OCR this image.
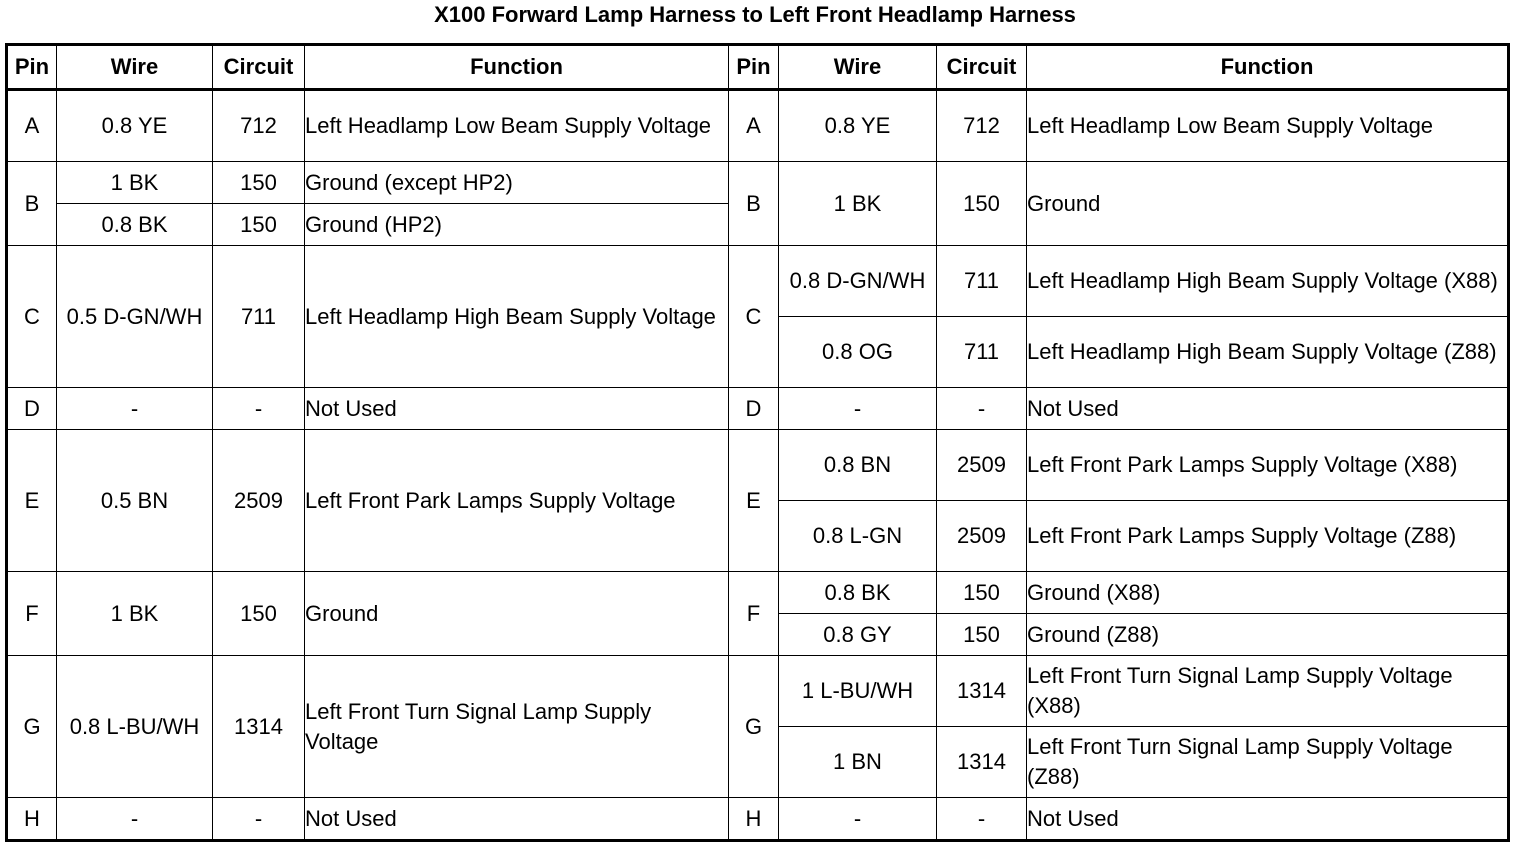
X100 Forward Lamp Harness to Left Front Headlamp Harness
Pin	Wire	Circuit	Function	Pin	Wire	Circuit	Function
A	0.8 YE	712	Left Headlamp Low Beam Supply Voltage	A	0.8 YE	712	Left Headlamp Low Beam Supply Voltage
B	1 BK	150	Ground (except HP2)	B	1 BK	150	Ground
	0.8 BK	150	Ground (HP2)				
C	0.5 D-GN/WH	711	Left Headlamp High Beam Supply Voltage	C	0.8 D-GN/WH	711	Left Headlamp High Beam Supply Voltage (X88)
					0.8 OG	711	Left Headlamp High Beam Supply Voltage (Z88)
D	-	-	Not Used	D	-	-	Not Used
E	0.5 BN	2509	Left Front Park Lamps Supply Voltage	E	0.8 BN	2509	Left Front Park Lamps Supply Voltage (X88)
					0.8 L-GN	2509	Left Front Park Lamps Supply Voltage (Z88)
F	1 BK	150	Ground	F	0.8 BK	150	Ground (X88)
					0.8 GY	150	Ground (Z88)
G	0.8 L-BU/WH	1314	Left Front Turn Signal Lamp Supply Voltage	G	1 L-BU/WH	1314	Left Front Turn Signal Lamp Supply Voltage (X88)
					1 BN	1314	Left Front Turn Signal Lamp Supply Voltage (Z88)
H	-	-	Not Used	H	-	-	Not Used
